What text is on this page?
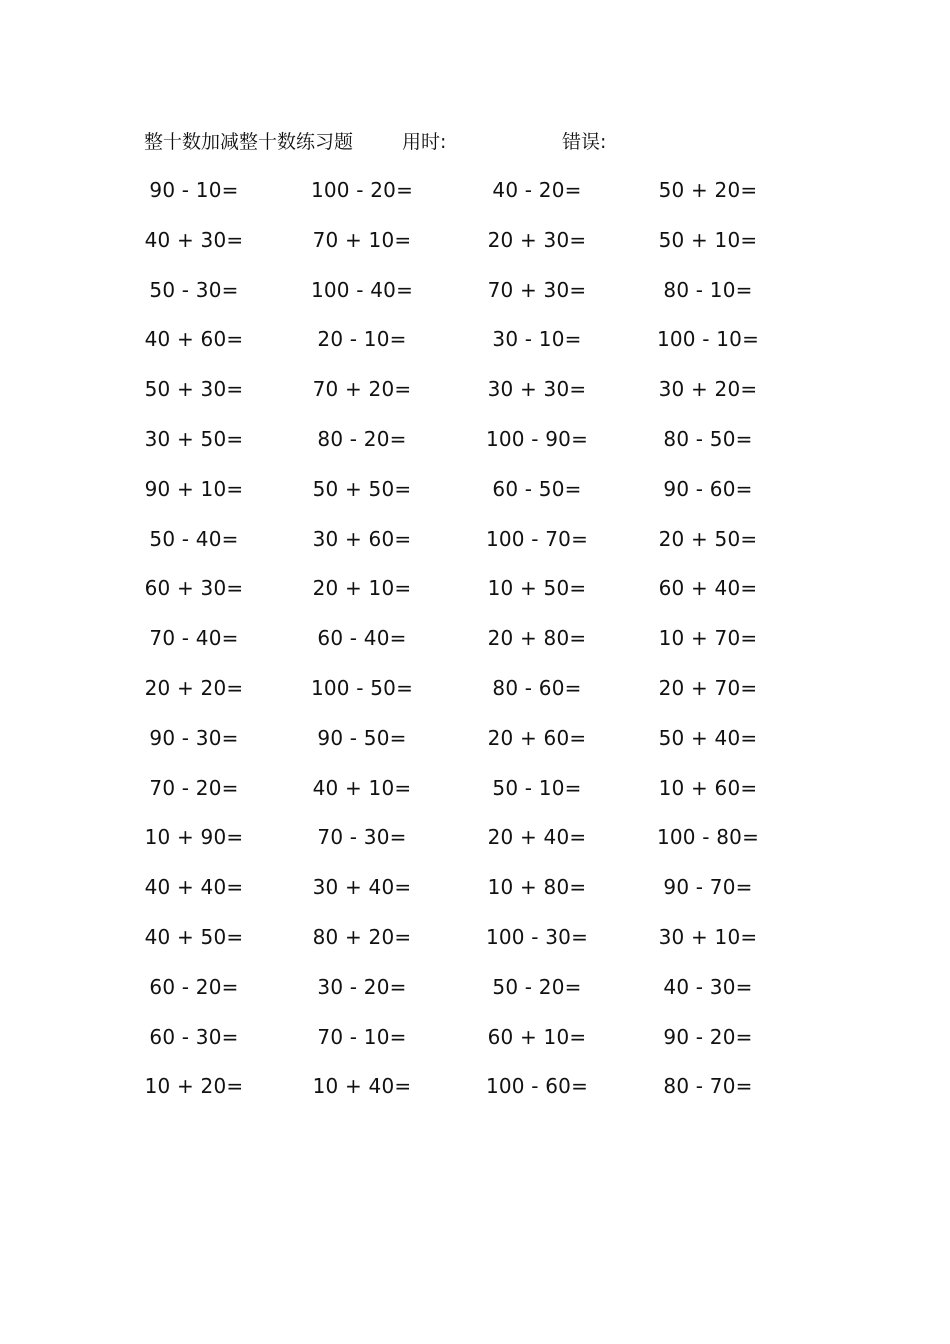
整十数加减整十数练习题	用时:	错误:
90 - 10=	100 - 20=	40 - 20=	50 + 20=
40 + 30=	70 + 10=	20 + 30=	50 + 10=
50 - 30=	100 - 40=	70 + 30=	80 - 10=
40 + 60=	20 - 10=	30 - 10=	100 - 10=
50 + 30=	70 + 20=	30 + 30=	30 + 20=
30 + 50=	80 - 20=	100 - 90=	80 - 50=
90 + 10=	50 + 50=	60 - 50=	90 - 60=
50 - 40=	30 + 60=	100 - 70=	20 + 50=
60 + 30=	20 + 10=	10 + 50=	60 + 40=
70 - 40=	60 - 40=	20 + 80=	10 + 70=
20 + 20=	100 - 50=	80 - 60=	20 + 70=
90 - 30=	90 - 50=	20 + 60=	50 + 40=
70 - 20=	40 + 10=	50 - 10=	10 + 60=
10 + 90=	70 - 30=	20 + 40=	100 - 80=
40 + 40=	30 + 40=	10 + 80=	90 - 70=
40 + 50=	80 + 20=	100 - 30=	30 + 10=
60 - 20=	30 - 20=	50 - 20=	40 - 30=
60 - 30=	70 - 10=	60 + 10=	90 - 20=
10 + 20=	10 + 40=	100 - 60=	80 - 70=
